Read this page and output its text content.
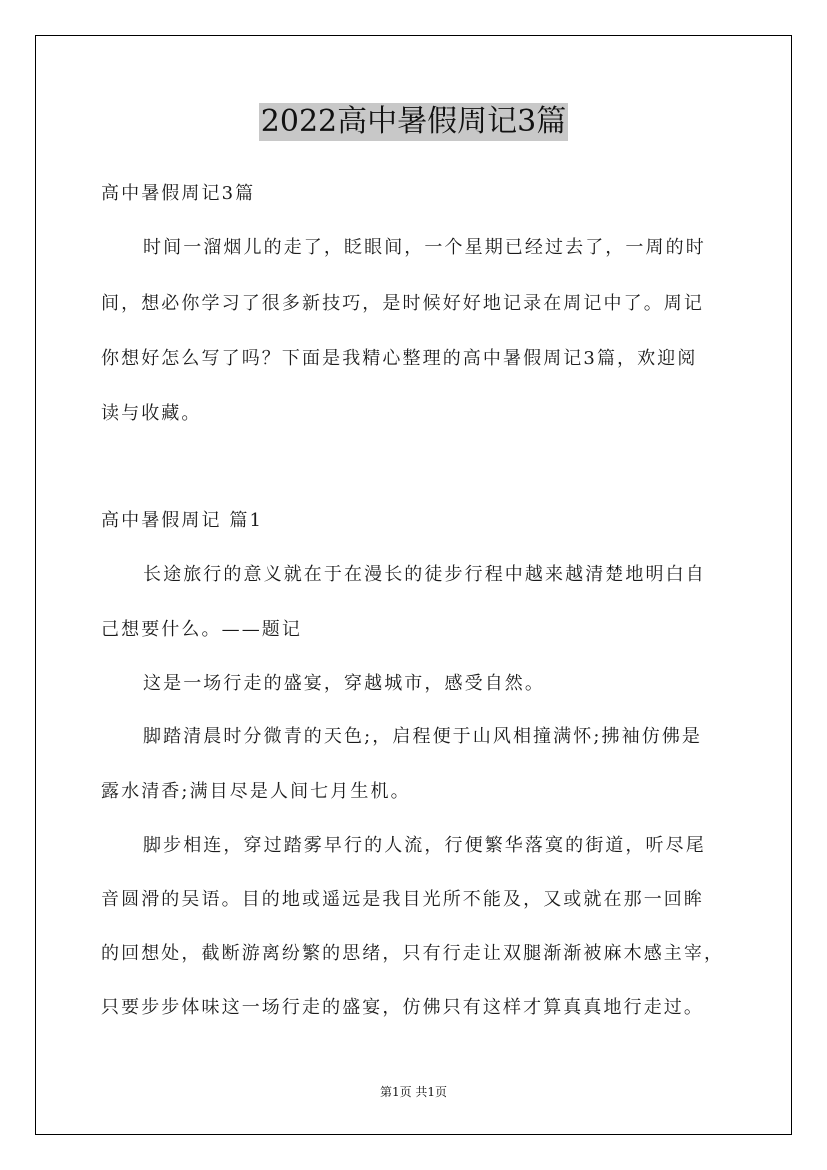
2022高中暑假周记3篇
高中暑假周记3篇
时间一溜烟儿的走了，眨眼间，一个星期已经过去了，一周的时
间，想必你学习了很多新技巧，是时候好好地记录在周记中了。周记
你想好怎么写了吗？下面是我精心整理的高中暑假周记3篇，欢迎阅
读与收藏。
高中暑假周记 篇1
长途旅行的意义就在于在漫长的徒步行程中越来越清楚地明白自
己想要什么。——题记
这是一场行走的盛宴，穿越城市，感受自然。
脚踏清晨时分微青的天色;，启程便于山风相撞满怀;拂袖仿佛是
露水清香;满目尽是人间七月生机。
脚步相连，穿过踏雾早行的人流，行便繁华落寞的街道，听尽尾
音圆滑的吴语。目的地或遥远是我目光所不能及，又或就在那一回眸
的回想处，截断游离纷繁的思绪，只有行走让双腿渐渐被麻木感主宰，
只要步步体味这一场行走的盛宴，仿佛只有这样才算真真地行走过。
第1页 共1页
